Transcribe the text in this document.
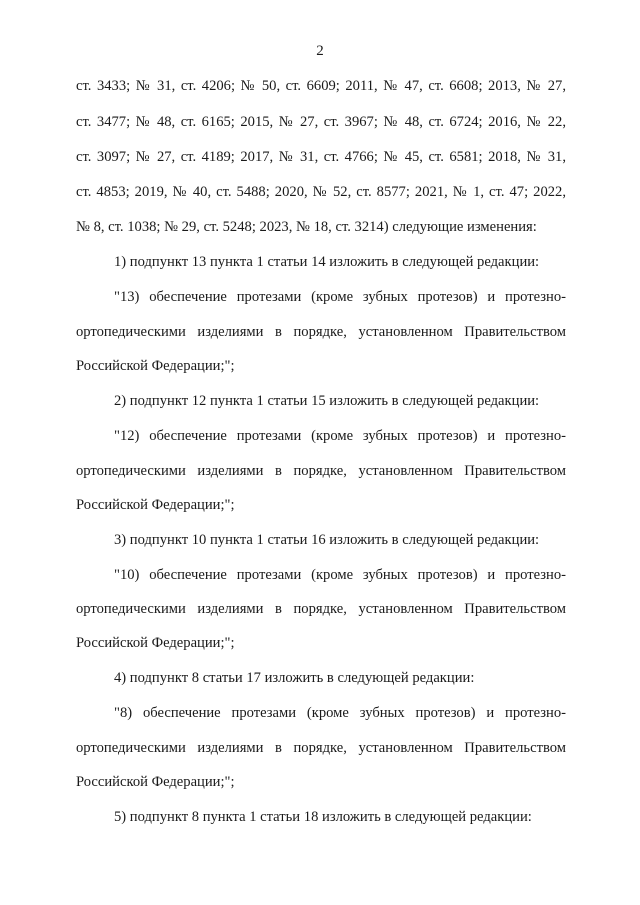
2
ст. 3433; № 31, ст. 4206; № 50, ст. 6609; 2011, № 47, ст. 6608; 2013, № 27,
ст. 3477; № 48, ст. 6165; 2015, № 27, ст. 3967; № 48, ст. 6724; 2016, № 22,
ст. 3097; № 27, ст. 4189; 2017, № 31, ст. 4766; № 45, ст. 6581; 2018, № 31,
ст. 4853; 2019, № 40, ст. 5488; 2020, № 52, ст. 8577; 2021, № 1, ст. 47; 2022,
№ 8, ст. 1038; № 29, ст. 5248; 2023, № 18, ст. 3214) следующие изменения:
1) подпункт 13 пункта 1 статьи 14 изложить в следующей редакции:
"13) обеспечение протезами (кроме зубных протезов) и протезно-
ортопедическими изделиями в порядке, установленном Правительством
Российской Федерации;";
2) подпункт 12 пункта 1 статьи 15 изложить в следующей редакции:
"12) обеспечение протезами (кроме зубных протезов) и протезно-
ортопедическими изделиями в порядке, установленном Правительством
Российской Федерации;";
3) подпункт 10 пункта 1 статьи 16 изложить в следующей редакции:
"10) обеспечение протезами (кроме зубных протезов) и протезно-
ортопедическими изделиями в порядке, установленном Правительством
Российской Федерации;";
4) подпункт 8 статьи 17 изложить в следующей редакции:
"8) обеспечение протезами (кроме зубных протезов) и протезно-
ортопедическими изделиями в порядке, установленном Правительством
Российской Федерации;";
5) подпункт 8 пункта 1 статьи 18 изложить в следующей редакции:
